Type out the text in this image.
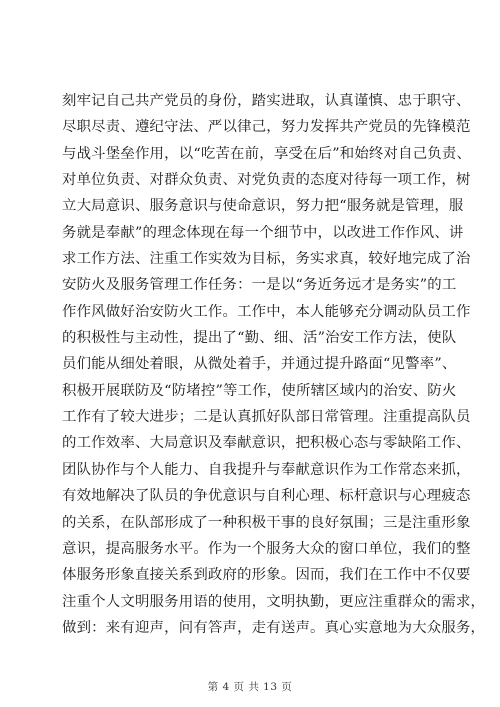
刻牢记自己共产党员的身份，踏实进取，认真谨慎、忠于职守、
尽职尽责、遵纪守法、严以律己，努力发挥共产党员的先锋模范
与战斗堡垒作用，以“吃苦在前，享受在后”和始终对自己负责、
对单位负责、对群众负责、对党负责的态度对待每一项工作，树
立大局意识、服务意识与使命意识，努力把“服务就是管理，服
务就是奉献”的理念体现在每一个细节中，以改进工作作风、讲
求工作方法、注重工作实效为目标，务实求真，较好地完成了治
安防火及服务管理工作任务：一是以“务近务远才是务实”的工
作作风做好治安防火工作。工作中，本人能够充分调动队员工作
的积极性与主动性，提出了“勤、细、活”治安工作方法，使队
员们能从细处着眼，从微处着手，并通过提升路面“见警率”、
积极开展联防及“防堵控”等工作，使所辖区域内的治安、防火
工作有了较大进步；二是认真抓好队部日常管理。注重提高队员
的工作效率、大局意识及奉献意识，把积极心态与零缺陷工作、
团队协作与个人能力、自我提升与奉献意识作为工作常态来抓，
有效地解决了队员的争优意识与自利心理、标杆意识与心理疲态
的关系，在队部形成了一种积极干事的良好氛围；三是注重形象
意识，提高服务水平。作为一个服务大众的窗口单位，我们的整
体服务形象直接关系到政府的形象。因而，我们在工作中不仅要
注重个人文明服务用语的使用，文明执勤，更应注重群众的需求，
做到：来有迎声，问有答声，走有送声。真心实意地为大众服务，
第 4 页 共 13 页
